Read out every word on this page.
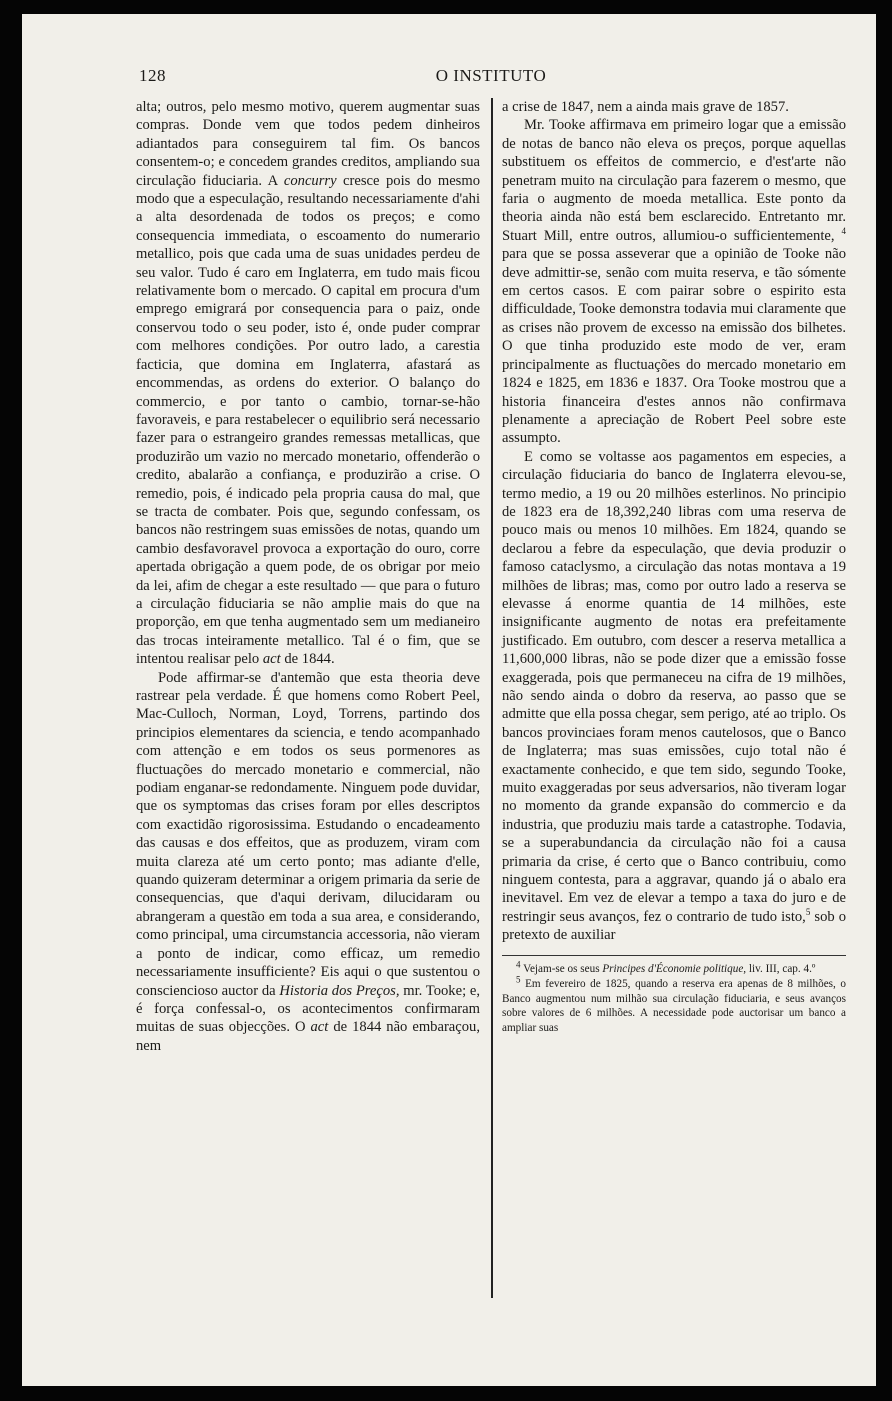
128	O INSTITUTO

alta; outros, pelo mesmo motivo, querem augmentar suas compras. Donde vem que todos pedem dinheiros adiantados para conseguirem tal fim. Os bancos consentem-o; e concedem grandes creditos, ampliando sua circulação fiduciaria. A concurry cresce pois do mesmo modo que a especulação, resultando necessariamente d'ahi a alta desordenada de todos os preços; e como consequencia immediata, o escoamento do numerario metallico, pois que cada uma de suas unidades perdeu de seu valor. Tudo é caro em Inglaterra, em tudo mais ficou relativamente bom o mercado. O capital em procura d'um emprego emigrará por consequencia para o paiz, onde conservou todo o seu poder, isto é, onde puder comprar com melhores condições. Por outro lado, a carestia facticia, que domina em Inglaterra, afastará as encommendas, as ordens do exterior. O balanço do commercio, e por tanto o cambio, tornar-se-hão favoraveis, e para restabelecer o equilibrio será necessario fazer para o estrangeiro grandes remessas metallicas, que produzirão um vazio no mercado monetario, offenderão o credito, abalarão a confiança, e produzirão a crise. O remedio, pois, é indicado pela propria causa do mal, que se tracta de combater. Pois que, segundo confessam, os bancos não restringem suas emissões de notas, quando um cambio desfavoravel provoca a exportação do ouro, corre apertada obrigação a quem pode, de os obrigar por meio da lei, afim de chegar a este resultado — que para o futuro a circulação fiduciaria se não amplie mais do que na proporção, em que tenha augmentado sem um medianeiro das trocas inteiramente metallico. Tal é o fim, que se intentou realisar pelo act de 1844.

Pode affirmar-se d'antemão que esta theoria deve rastrear pela verdade. É que homens como Robert Peel, Mac-Culloch, Norman, Loyd, Torrens, partindo dos principios elementares da sciencia, e tendo acompanhado com attenção e em todos os seus pormenores as fluctuações do mercado monetario e commercial, não podiam enganar-se redondamente. Ninguem pode duvidar, que os symptomas das crises foram por elles descriptos com exactidão rigorosissima. Estudando o encadeamento das causas e dos effeitos, que as produzem, viram com muita clareza até um certo ponto; mas adiante d'elle, quando quizeram determinar a origem primaria da serie de consequencias, que d'aqui derivam, dilucidaram ou abrangeram a questão em toda a sua area, e considerando, como principal, uma circumstancia accessoria, não vieram a ponto de indicar, como efficaz, um remedio necessariamente insufficiente? Eis aqui o que sustentou o consciencioso auctor da Historia dos Preços, mr. Tooke; e, é força confessal-o, os acontecimentos confirmaram muitas de suas objecções. O act de 1844 não embaraçou, nem

a crise de 1847, nem a ainda mais grave de 1857.

Mr. Tooke affirmava em primeiro logar que a emissão de notas de banco não eleva os preços, porque aquellas substituem os effeitos de commercio, e d'est'arte não penetram muito na circulação para fazerem o mesmo, que faria o augmento de moeda metallica. Este ponto da theoria ainda não está bem esclarecido. Entretanto mr. Stuart Mill, entre outros, allumiou-o sufficientemente, $^4$ para que se possa asseverar que a opinião de Tooke não deve admittir-se, senão com muita reserva, e tão sómente em certos casos. E com pairar sobre o espirito esta difficuldade, Tooke demonstra todavia mui claramente que as crises não provem de excesso na emissão dos bilhetes. O que tinha produzido este modo de ver, eram principalmente as fluctuações do mercado monetario em 1824 e 1825, em 1836 e 1837. Ora Tooke mostrou que a historia financeira d'estes annos não confirmava plenamente a apreciação de Robert Peel sobre este assumpto.

E como se voltasse aos pagamentos em especies, a circulação fiduciaria do banco de Inglaterra elevou-se, termo medio, a 19 ou 20 milhões esterlinos. No principio de 1823 era de 18,392,240 libras com uma reserva de pouco mais ou menos 10 milhões. Em 1824, quando se declarou a febre da especulação, que devia produzir o famoso cataclysmo, a circulação das notas montava a 19 milhões de libras; mas, como por outro lado a reserva se elevasse á enorme quantia de 14 milhões, este insignificante augmento de notas era prefeitamente justificado. Em outubro, com descer a reserva metallica a 11,600,000 libras, não se pode dizer que a emissão fosse exaggerada, pois que permaneceu na cifra de 19 milhões, não sendo ainda o dobro da reserva, ao passo que se admitte que ella possa chegar, sem perigo, até ao triplo. Os bancos provinciaes foram menos cautelosos, que o Banco de Inglaterra; mas suas emissões, cujo total não é exactamente conhecido, e que tem sido, segundo Tooke, muito exaggeradas por seus adversarios, não tiveram logar no momento da grande expansão do commercio e da industria, que produziu mais tarde a catastrophe. Todavia, se a superabundancia da circulação não foi a causa primaria da crise, é certo que o Banco contribuiu, como ninguem contesta, para a aggravar, quando já o abalo era inevitavel. Em vez de elevar a tempo a taxa do juro e de restringir seus avanços, fez o contrario de tudo isto,$^5$ sob o pretexto de auxiliar

$^4$ Vejam-se os seus Principes d'Économie politique, liv. III, cap. 4.º

$^5$ Em fevereiro de 1825, quando a reserva era apenas de 8 milhões, o Banco augmentou num milhão sua circulação fiduciaria, e seus avanços sobre valores de 6 milhões. A necessidade pode auctorisar um banco a ampliar suas
